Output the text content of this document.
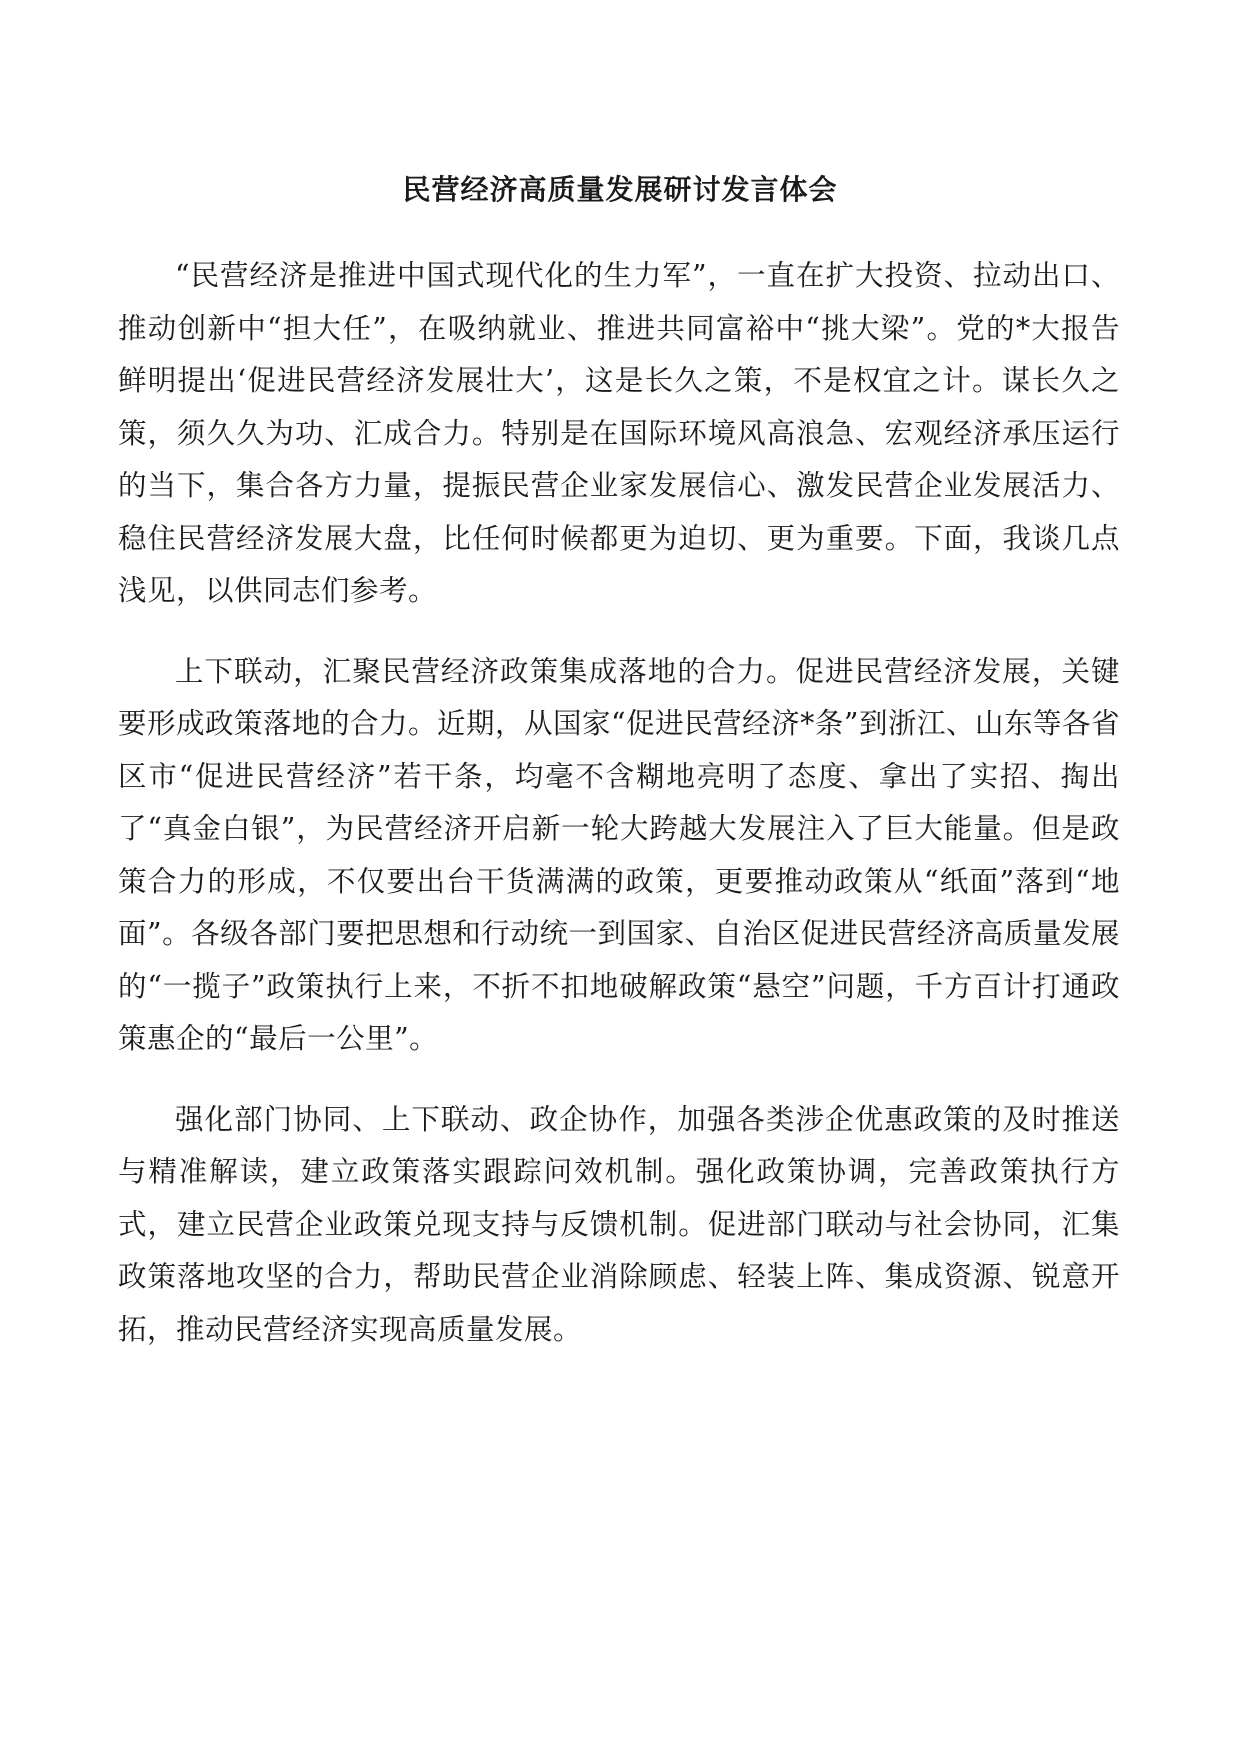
民营经济高质量发展研讨发言体会

“民营经济是推进中国式现代化的生力军”，一直在扩大投资、拉动出口、推动创新中“担大任”，在吸纳就业、推进共同富裕中“挑大梁”。党的*大报告鲜明提出‘促进民营经济发展壮大’，这是长久之策，不是权宜之计。谋长久之策，须久久为功、汇成合力。特别是在国际环境风高浪急、宏观经济承压运行的当下，集合各方力量，提振民营企业家发展信心、激发民营企业发展活力、稳住民营经济发展大盘，比任何时候都更为迫切、更为重要。下面，我谈几点浅见，以供同志们参考。

上下联动，汇聚民营经济政策集成落地的合力。促进民营经济发展，关键要形成政策落地的合力。近期，从国家“促进民营经济*条”到浙江、山东等各省区市“促进民营经济”若干条，均毫不含糊地亮明了态度、拿出了实招、掏出了“真金白银”，为民营经济开启新一轮大跨越大发展注入了巨大能量。但是政策合力的形成，不仅要出台干货满满的政策，更要推动政策从“纸面”落到“地面”。各级各部门要把思想和行动统一到国家、自治区促进民营经济高质量发展的“一揽子”政策执行上来，不折不扣地破解政策“悬空”问题，千方百计打通政策惠企的“最后一公里”。

强化部门协同、上下联动、政企协作，加强各类涉企优惠政策的及时推送与精准解读，建立政策落实跟踪问效机制。强化政策协调，完善政策执行方式，建立民营企业政策兑现支持与反馈机制。促进部门联动与社会协同，汇集政策落地攻坚的合力，帮助民营企业消除顾虑、轻装上阵、集成资源、锐意开拓，推动民营经济实现高质量发展。
